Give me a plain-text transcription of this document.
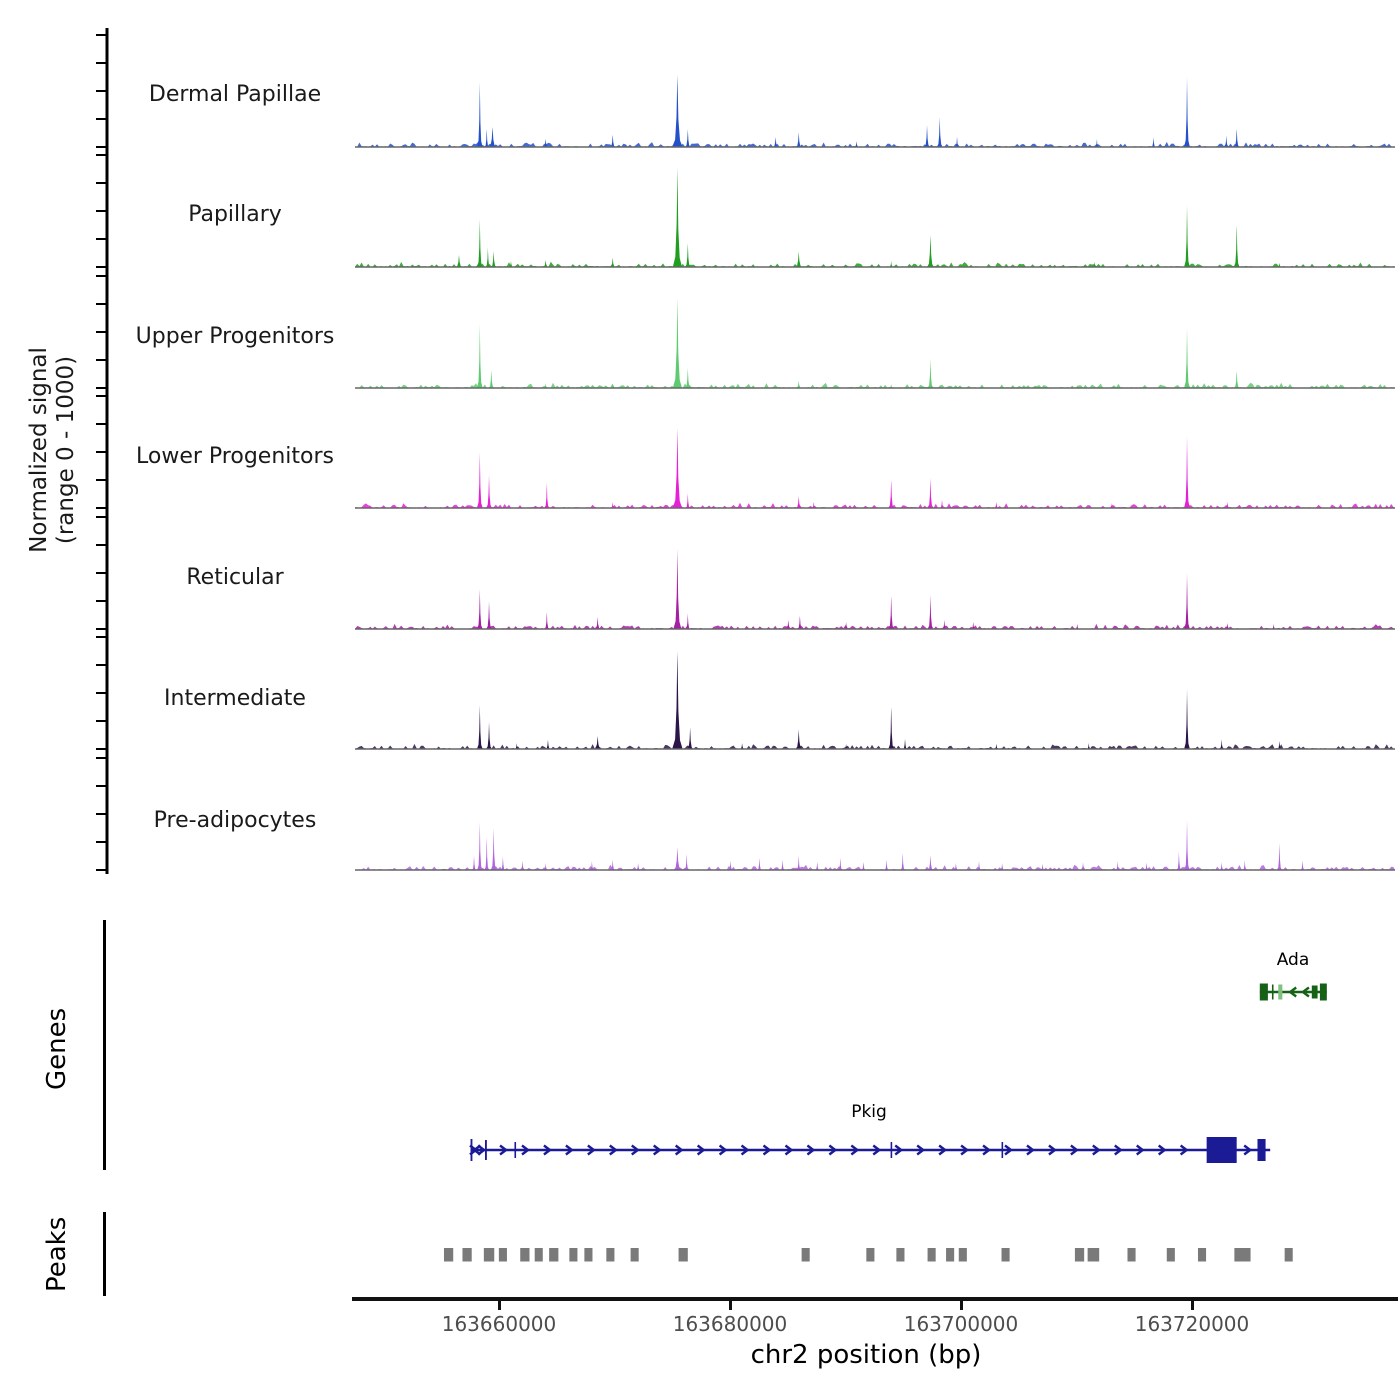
Normalized signal (range 0 - 1000)
Dermal Papillae
Papillary
Upper Progenitors
Lower Progenitors
Reticular
Intermediate
Pre-adipocytes
Genes
Ada
Pkig
Peaks
163660000	163680000	163700000	163720000
chr2 position (bp)
